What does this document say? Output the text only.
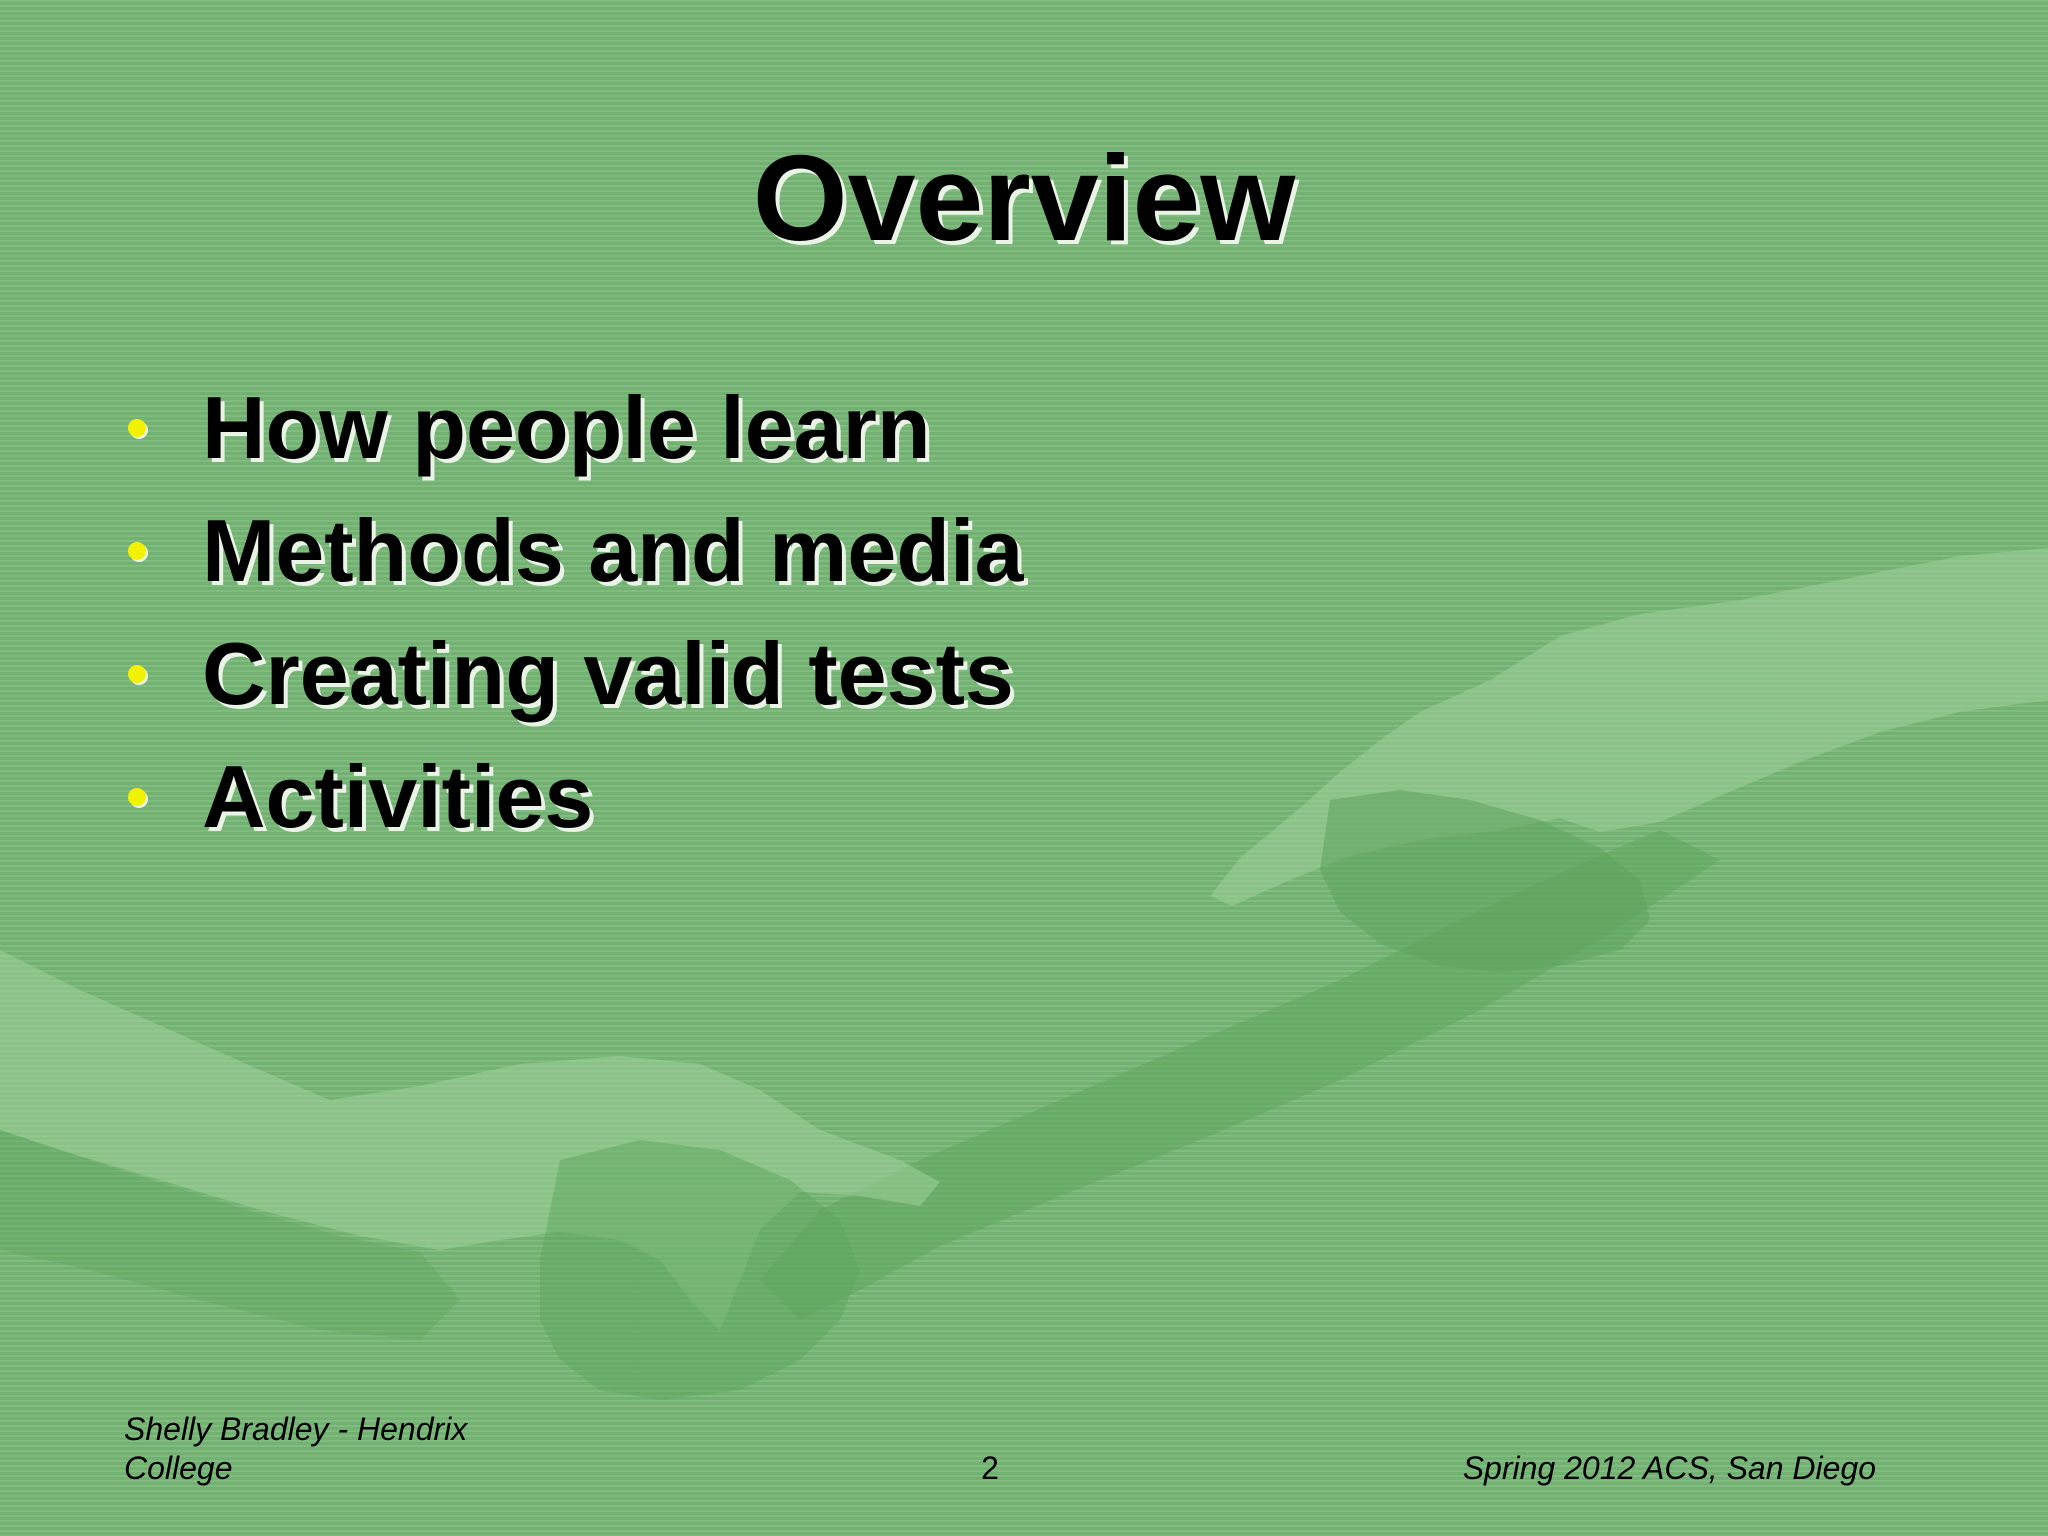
Overview
How people learn
Methods and media
Creating valid tests
Activities
Shelly Bradley - Hendrix College	2	Spring 2012 ACS, San Diego
